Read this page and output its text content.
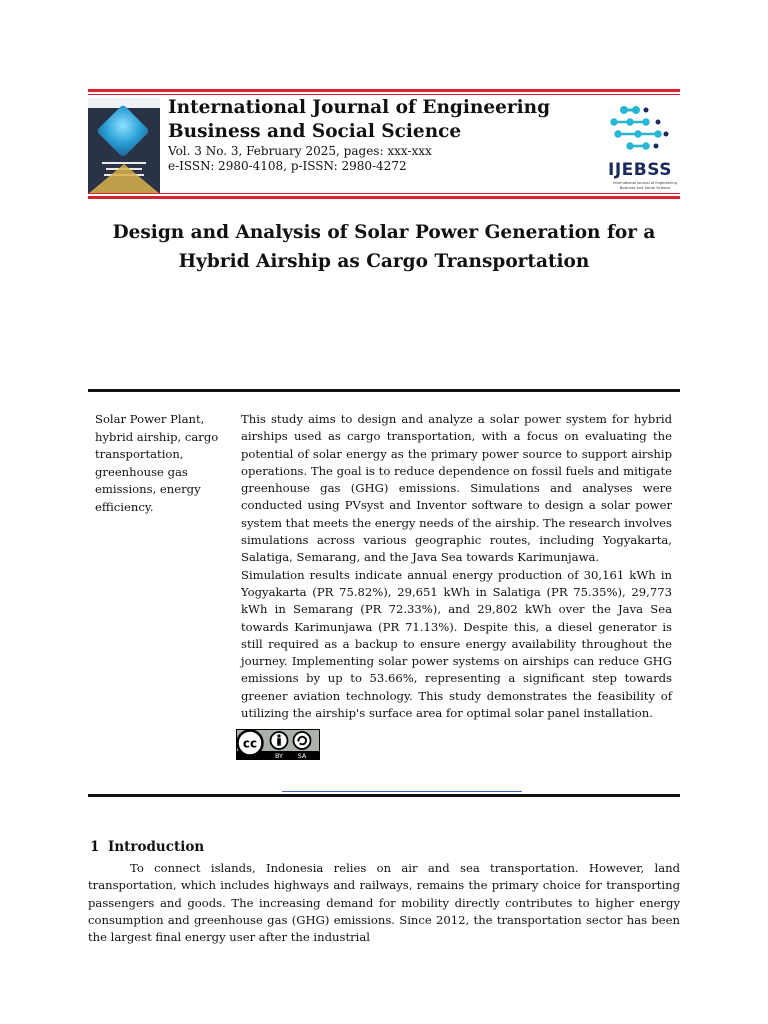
International Journal of Engineering Business and Social Science
Vol. 3 No. 3, February 2025, pages: xxx-xxx
e-ISSN: 2980-4108, p-ISSN: 2980-4272	IJEBSS
International Journal of Engineering Business and Social Science
Design and Analysis of Solar Power Generation for a Hybrid Airship as Cargo Transportation
Solar Power Plant, hybrid airship, cargo transportation, greenhouse gas emissions, energy efficiency.

This study aims to design and analyze a solar power system for hybrid airships used as cargo transportation, with a focus on evaluating the potential of solar energy as the primary power source to support airship operations. The goal is to reduce dependence on fossil fuels and mitigate greenhouse gas (GHG) emissions. Simulations and analyses were conducted using PVsyst and Inventor software to design a solar power system that meets the energy needs of the airship. The research involves simulations across various geographic routes, including Yogyakarta, Salatiga, Semarang, and the Java Sea towards Karimunjawa.

Simulation results indicate annual energy production of 30,161 kWh in Yogyakarta (PR 75.82%), 29,651 kWh in Salatiga (PR 75.35%), 29,773 kWh in Semarang (PR 72.33%), and 29,802 kWh over the Java Sea towards Karimunjawa (PR 71.13%). Despite this, a diesel generator is still required as a backup to ensure energy availability throughout the journey. Implementing solar power systems on airships can reduce GHG emissions by up to 53.66%, representing a significant step towards greener aviation technology. This study demonstrates the feasibility of utilizing the airship's surface area for optimal solar panel installation.

cc
BY SA
1 Introduction

To connect islands, Indonesia relies on air and sea transportation. However, land transportation, which includes highways and railways, remains the primary choice for transporting passengers and goods. The increasing demand for mobility directly contributes to higher energy consumption and greenhouse gas (GHG) emissions. Since 2012, the transportation sector has been the largest final energy user after the industrial
